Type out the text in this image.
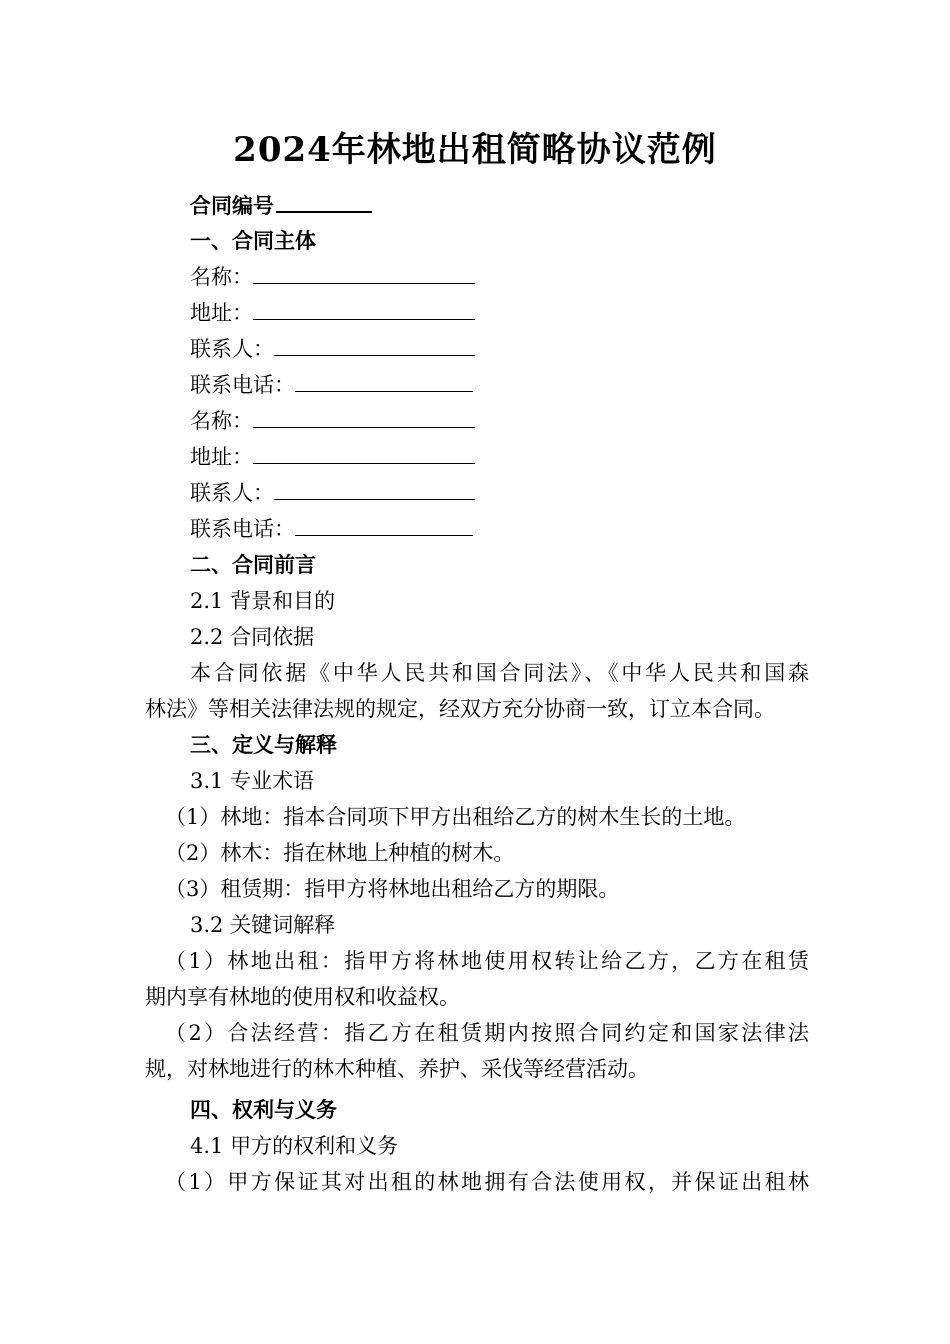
2024年林地出租简略协议范例
合同编号
一、合同主体
名称：
地址：
联系人：
联系电话：
名称：
地址：
联系人：
联系电话：
二、合同前言
2.1 背景和目的
2.2 合同依据
本合同依据《中华人民共和国合同法》、《中华人民共和国森
林法》等相关法律法规的规定，经双方充分协商一致，订立本合同。
三、定义与解释
3.1 专业术语
（1）林地：指本合同项下甲方出租给乙方的树木生长的土地。
（2）林木：指在林地上种植的树木。
（3）租赁期：指甲方将林地出租给乙方的期限。
3.2 关键词解释
（1）林地出租：指甲方将林地使用权转让给乙方，乙方在租赁
期内享有林地的使用权和收益权。
（2）合法经营：指乙方在租赁期内按照合同约定和国家法律法
规，对林地进行的林木种植、养护、采伐等经营活动。
四、权利与义务
4.1 甲方的权利和义务
（1）甲方保证其对出租的林地拥有合法使用权，并保证出租林
